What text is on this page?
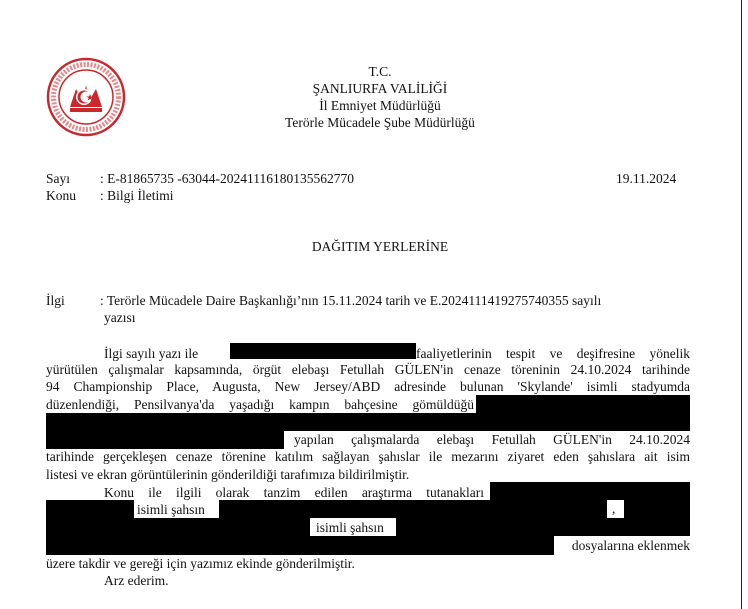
T.C.
ŞANLIURFA VALİLİĞİ
İl Emniyet Müdürlüğü
Terörle Mücadele Şube Müdürlüğü
Sayı : E-81865735 -63044-20241116180135562770	19.11.2024
Konu : Bilgi İletimi
DAĞITIM YERLERİNE
İlgi	: Terörle Mücadele Daire Başkanlığı’nın 15.11.2024 tarih ve E.2024111419275740355 sayılı
yazısı
İlgi sayılı yazı ile	faaliyetlerinin tespit ve deşifresine yönelik
yürütülen çalışmalar kapsamında, örgüt elebaşı Fetullah GÜLEN'in cenaze töreninin 24.10.2024 tarihinde
94 Championship Place, Augusta, New Jersey/ABD adresinde bulunan 'Skylande' isimli stadyumda
düzenlendiği, Pensilvanya'da yaşadığı kampın bahçesine gömüldüğü
yapılan çalışmalarda elebaşı Fetullah GÜLEN'in 24.10.2024
tarihinde gerçekleşen cenaze törenine katılım sağlayan şahıslar ile mezarını ziyaret eden şahıslara ait isim
listesi ve ekran görüntülerinin gönderildiği tarafımıza bildirilmiştir.
Konu ile ilgili olarak tanzim edilen araştırma tutanakları
isimli şahsın	,
isimli şahsın
dosyalarına eklenmek
üzere takdir ve gereği için yazımız ekinde gönderilmiştir.
Arz ederim.
